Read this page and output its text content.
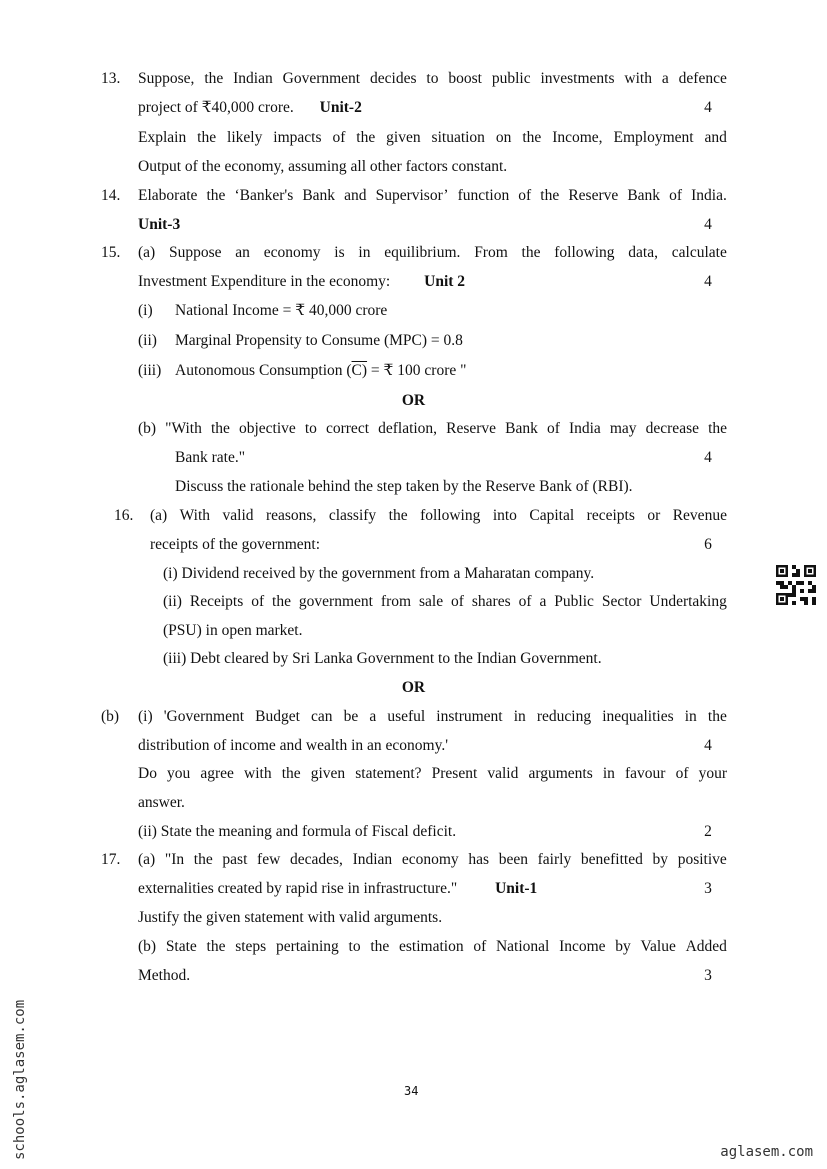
13. Suppose, the Indian Government decides to boost public investments with a defence
project of ₹40,000 crore. Unit-2	4
Explain the likely impacts of the given situation on the Income, Employment and
Output of the economy, assuming all other factors constant.
14. Elaborate the ‘Banker's Bank and Supervisor’ function of the Reserve Bank of India.
Unit-3	4
15. (a) Suppose an economy is in equilibrium. From the following data, calculate
Investment Expenditure in the economy: Unit 2	4
(i) National Income = ₹ 40,000 crore
(ii) Marginal Propensity to Consume (MPC) = 0.8
(iii) Autonomous Consumption (C) = ₹ 100 crore "
OR
(b) "With the objective to correct deflation, Reserve Bank of India may decrease the
Bank rate."	4
Discuss the rationale behind the step taken by the Reserve Bank of (RBI).
16. (a) With valid reasons, classify the following into Capital receipts or Revenue
receipts of the government:	6
(i) Dividend received by the government from a Maharatan company.
(ii) Receipts of the government from sale of shares of a Public Sector Undertaking
(PSU) in open market.
(iii) Debt cleared by Sri Lanka Government to the Indian Government.
OR
(b) (i) 'Government Budget can be a useful instrument in reducing inequalities in the
distribution of income and wealth in an economy.'	4
Do you agree with the given statement? Present valid arguments in favour of your
answer.
(ii) State the meaning and formula of Fiscal deficit.	2
17. (a) "In the past few decades, Indian economy has been fairly benefitted by positive
externalities created by rapid rise in infrastructure." Unit-1	3
Justify the given statement with valid arguments.
(b) State the steps pertaining to the estimation of National Income by Value Added
Method.	3
34
aglasem.com
schools.aglasem.com
